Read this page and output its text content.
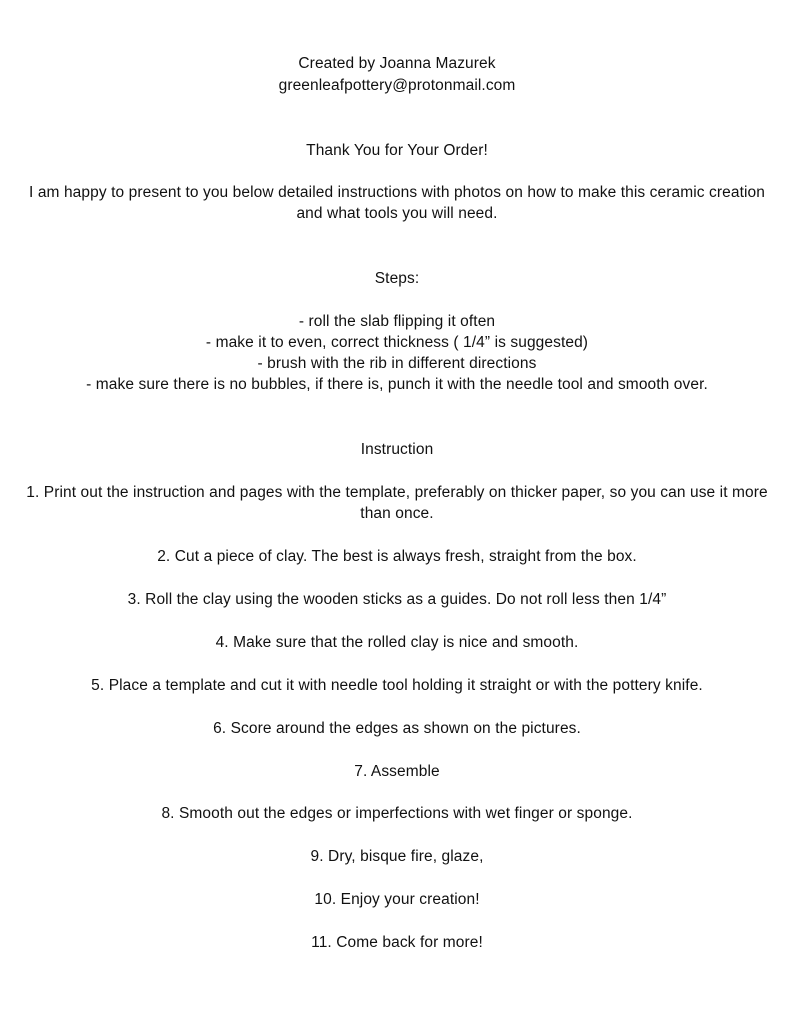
Created by Joanna Mazurek
greenleafpottery@protonmail.com
Thank You for Your Order!
I am happy to present to you below detailed instructions with photos on how to make this ceramic creation and what tools you will need.
Steps:
- roll the slab flipping it often
- make it to even, correct thickness ( 1/4” is suggested)
- brush with the rib in different directions
- make sure there is no bubbles, if there is, punch it with the needle tool and smooth over.
Instruction
1. Print out the instruction and pages with the template, preferably on thicker paper, so you can use it more than once.
2. Cut a piece of clay. The best is always fresh, straight from the box.
3. Roll the clay using the wooden sticks as a guides. Do not roll less then 1/4”
4. Make sure that the rolled clay is nice and smooth.
5. Place a template and cut it with needle tool holding it straight or with the pottery knife.
6. Score around the edges as shown on the pictures.
7. Assemble
8. Smooth out the edges or imperfections with wet finger or sponge.
9. Dry, bisque fire, glaze,
10. Enjoy your creation!
11. Come back for more!
